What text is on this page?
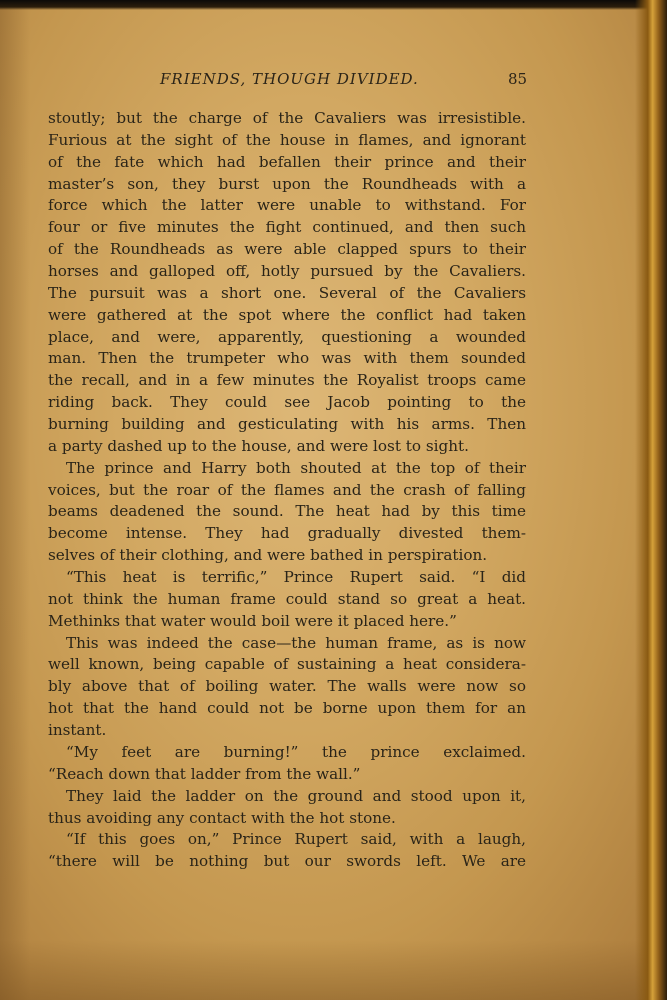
FRIENDS, THOUGH DIVIDED.	85
stoutly; but the charge of the Cavaliers was irresistible.
Furious at the sight of the house in flames, and ignorant
of the fate which had befallen their prince and their
master’s son, they burst upon the Roundheads with a
force which the latter were unable to withstand. For
four or five minutes the fight continued, and then such
of the Roundheads as were able clapped spurs to their
horses and galloped off, hotly pursued by the Cavaliers.
The pursuit was a short one. Several of the Cavaliers
were gathered at the spot where the conflict had taken
place, and were, apparently, questioning a wounded
man. Then the trumpeter who was with them sounded
the recall, and in a few minutes the Royalist troops came
riding back. They could see Jacob pointing to the
burning building and gesticulating with his arms. Then
a party dashed up to the house, and were lost to sight.
The prince and Harry both shouted at the top of their
voices, but the roar of the flames and the crash of falling
beams deadened the sound. The heat had by this time
become intense. They had gradually divested them-
selves of their clothing, and were bathed in perspiration.
“This heat is terrific,” Prince Rupert said. “I did
not think the human frame could stand so great a heat.
Methinks that water would boil were it placed here.”
This was indeed the case—the human frame, as is now
well known, being capable of sustaining a heat considera-
bly above that of boiling water. The walls were now so
hot that the hand could not be borne upon them for an
instant.
“My feet are burning!” the prince exclaimed.
“Reach down that ladder from the wall.”
They laid the ladder on the ground and stood upon it,
thus avoiding any contact with the hot stone.
“If this goes on,” Prince Rupert said, with a laugh,
“there will be nothing but our swords left. We are
